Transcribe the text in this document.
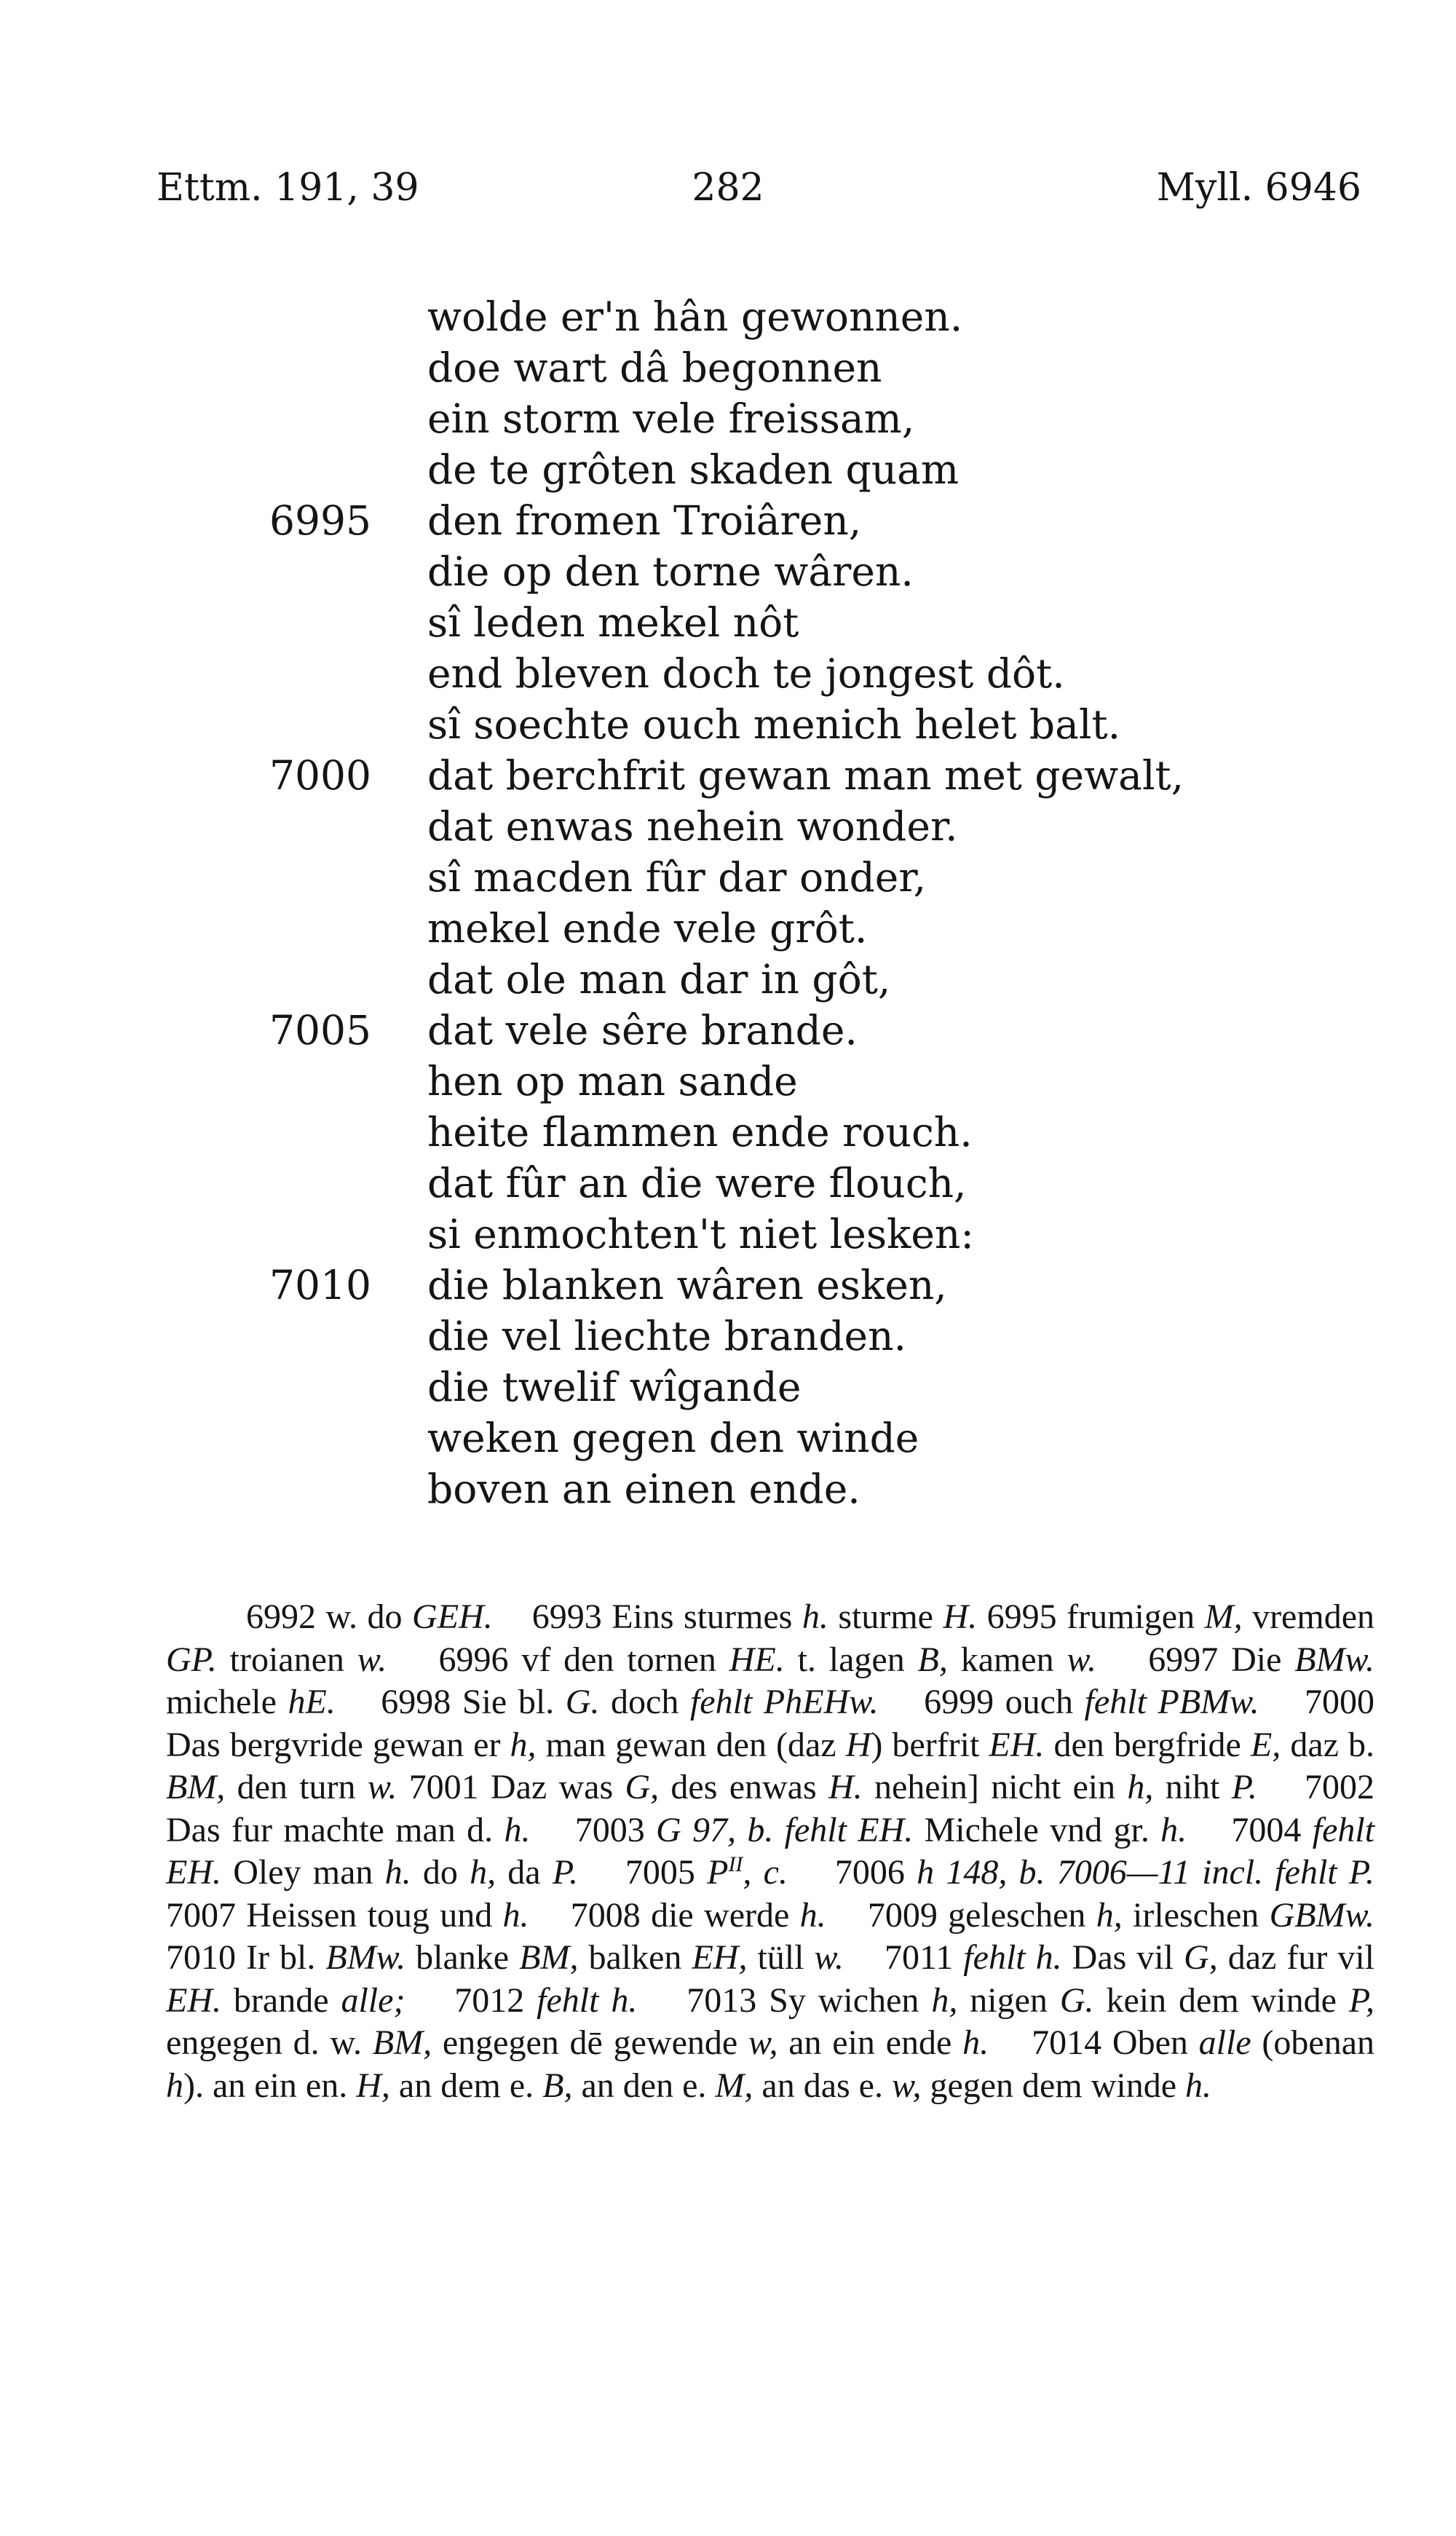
Ettm. 191, 39	282	Myll. 6946
wolde er'n hân gewonnen.
doe wart dâ begonnen
ein storm vele freissam,
de te grôten skaden quam
6995 den fromen Troiâren,
die op den torne wâren.
sî leden mekel nôt
end bleven doch te jongest dôt.
sî soechte ouch menich helet balt.
7000 dat berchfrit gewan man met gewalt,
dat enwas nehein wonder.
sî macden fûr dar onder,
mekel ende vele grôt.
dat ole man dar in gôt,
7005 dat vele sêre brande.
hen op man sande
heite flammen ende rouch.
dat fûr an die were flouch,
si enmochten't niet lesken:
7010 die blanken wâren esken,
die vel liechte branden.
die twelif wîgande
weken gegen den winde
boven an einen ende.

6992 w. do GEH.    6993 Eins sturmes h. sturme H. 6995 frumigen M, vremden GP. troianen w.    6996 vf den tornen HE. t. lagen B, kamen w.    6997 Die BMw. michele hE.    6998 Sie bl. G. doch fehlt PhEHw.    6999 ouch fehlt PBMw.    7000 Das bergvride gewan er h, man gewan den (daz H) berfrit EH. den bergfride E, daz b. BM, den turn w. 7001 Daz was G, des enwas H. nehein] nicht ein h, niht P.    7002 Das fur machte man d. h.    7003 G 97, b. fehlt EH. Michele vnd gr. h.    7004 fehlt EH. Oley man h. do h, da P.    7005 $P^{II}$, c.    7006 h 148, b. 7006—11 incl. fehlt P.    7007 Heissen toug und h.    7008 die werde h.    7009 geleschen h, irleschen GBMw.    7010 Ir bl. BMw. blanke BM, balken EH, tüll w.    7011 fehlt h. Das vil G, daz fur vil EH. brande alle;    7012 fehlt h.    7013 Sy wichen h, nigen G. kein dem winde P, engegen d. w. BM, engegen dē gewende w, an ein ende h.    7014 Oben alle (obenan h). an ein en. H, an dem e. B, an den e. M, an das e. w, gegen dem winde h.
